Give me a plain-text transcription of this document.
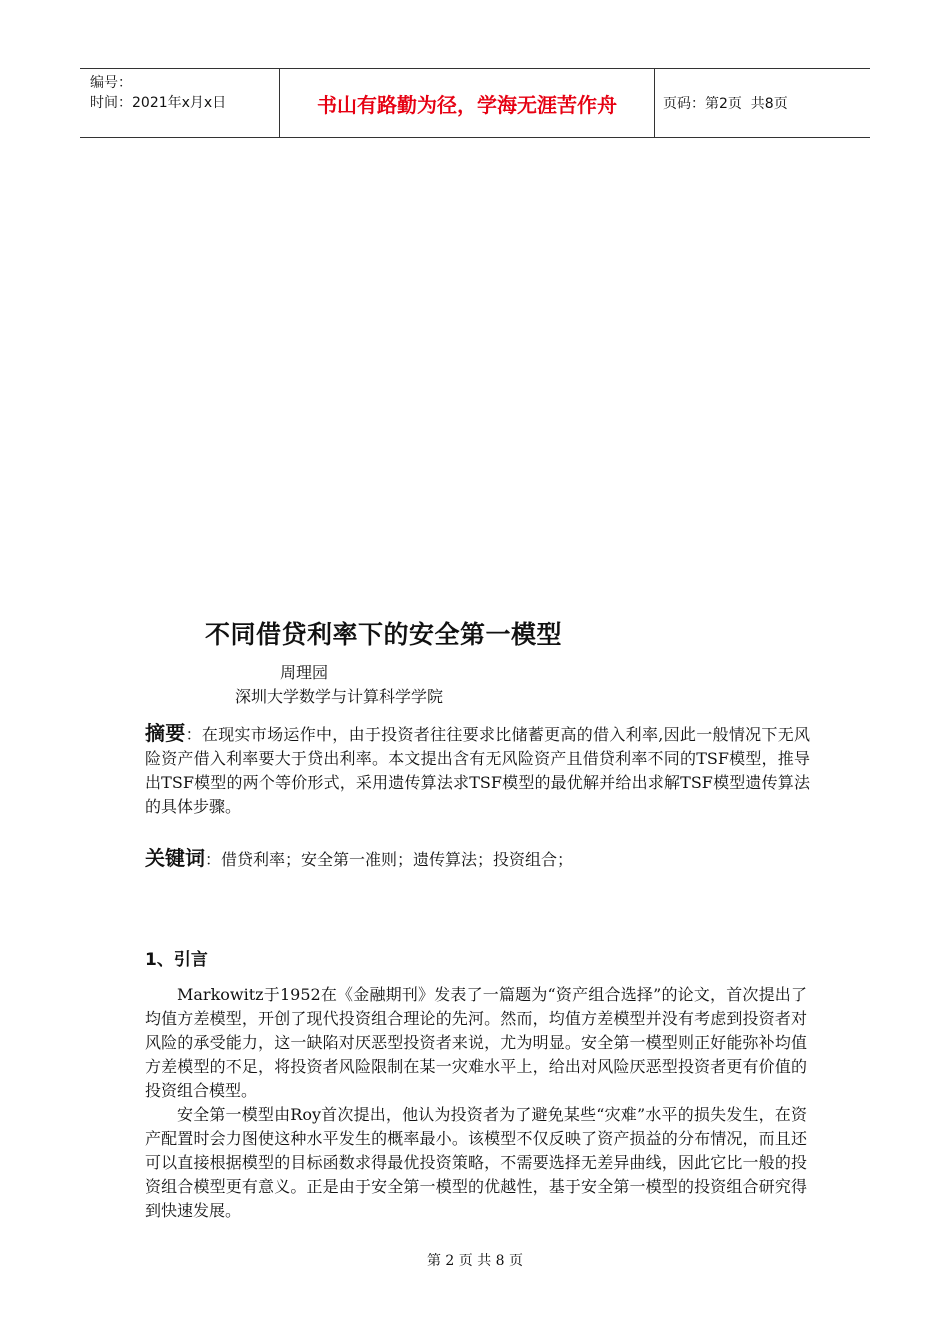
编号：
时间：2021年x月x日	书山有路勤为径，学海无涯苦作舟	页码：第2页  共8页
不同借贷利率下的安全第一模型
周理园
深圳大学数学与计算科学学院

摘要：在现实市场运作中，由于投资者往往要求比储蓄更高的借入利率,因此一般情况下无风险资产借入利率要大于贷出利率。本文提出含有无风险资产且借贷利率不同的TSF模型，推导出TSF模型的两个等价形式，采用遗传算法求TSF模型的最优解并给出求解TSF模型遗传算法的具体步骤。

关键词：借贷利率；安全第一准则；遗传算法；投资组合；
1、引言

Markowitz于1952在《金融期刊》发表了一篇题为“资产组合选择”的论文，首次提出了均值方差模型，开创了现代投资组合理论的先河。然而，均值方差模型并没有考虑到投资者对风险的承受能力，这一缺陷对厌恶型投资者来说，尤为明显。安全第一模型则正好能弥补均值方差模型的不足，将投资者风险限制在某一灾难水平上，给出对风险厌恶型投资者更有价值的投资组合模型。

安全第一模型由Roy首次提出，他认为投资者为了避免某些“灾难”水平的损失发生，在资产配置时会力图使这种水平发生的概率最小。该模型不仅反映了资产损益的分布情况，而且还可以直接根据模型的目标函数求得最优投资策略，不需要选择无差异曲线，因此它比一般的投资组合模型更有意义。正是由于安全第一模型的优越性，基于安全第一模型的投资组合研究得到快速发展。

第 2 页 共 8 页
